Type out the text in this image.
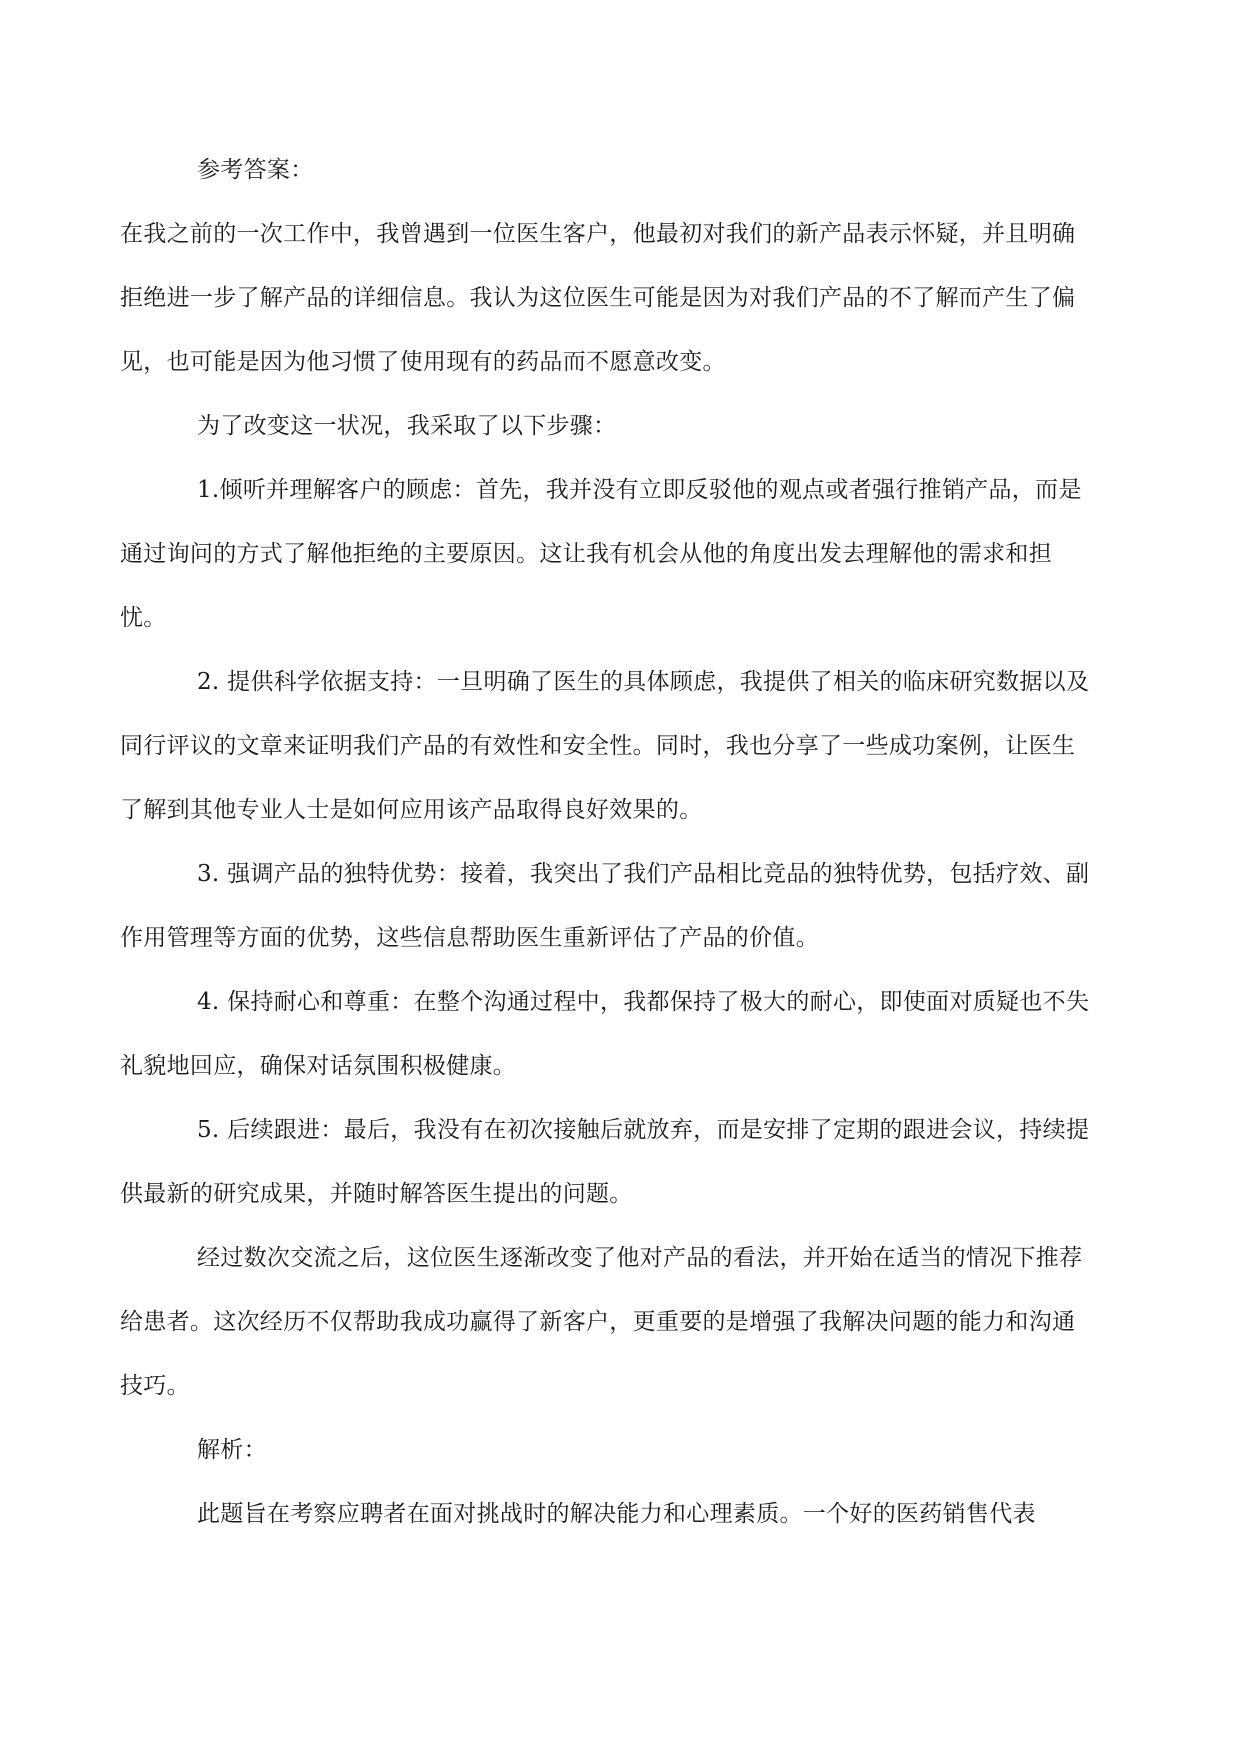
参考答案：

在我之前的一次工作中，我曾遇到一位医生客户，他最初对我们的新产品表示怀疑，并且明确拒绝进一步了解产品的详细信息。我认为这位医生可能是因为对我们产品的不了解而产生了偏见，也可能是因为他习惯了使用现有的药品而不愿意改变。

为了改变这一状况，我采取了以下步骤：

1.倾听并理解客户的顾虑：首先，我并没有立即反驳他的观点或者强行推销产品，而是通过询问的方式了解他拒绝的主要原因。这让我有机会从他的角度出发去理解他的需求和担忧。

2. 提供科学依据支持：一旦明确了医生的具体顾虑，我提供了相关的临床研究数据以及同行评议的文章来证明我们产品的有效性和安全性。同时，我也分享了一些成功案例，让医生了解到其他专业人士是如何应用该产品取得良好效果的。

3. 强调产品的独特优势：接着，我突出了我们产品相比竞品的独特优势，包括疗效、副作用管理等方面的优势，这些信息帮助医生重新评估了产品的价值。

4. 保持耐心和尊重：在整个沟通过程中，我都保持了极大的耐心，即使面对质疑也不失礼貌地回应，确保对话氛围积极健康。

5. 后续跟进：最后，我没有在初次接触后就放弃，而是安排了定期的跟进会议，持续提供最新的研究成果，并随时解答医生提出的问题。

经过数次交流之后，这位医生逐渐改变了他对产品的看法，并开始在适当的情况下推荐给患者。这次经历不仅帮助我成功赢得了新客户，更重要的是增强了我解决问题的能力和沟通技巧。

解析：

此题旨在考察应聘者在面对挑战时的解决能力和心理素质。一个好的医药销售代表
